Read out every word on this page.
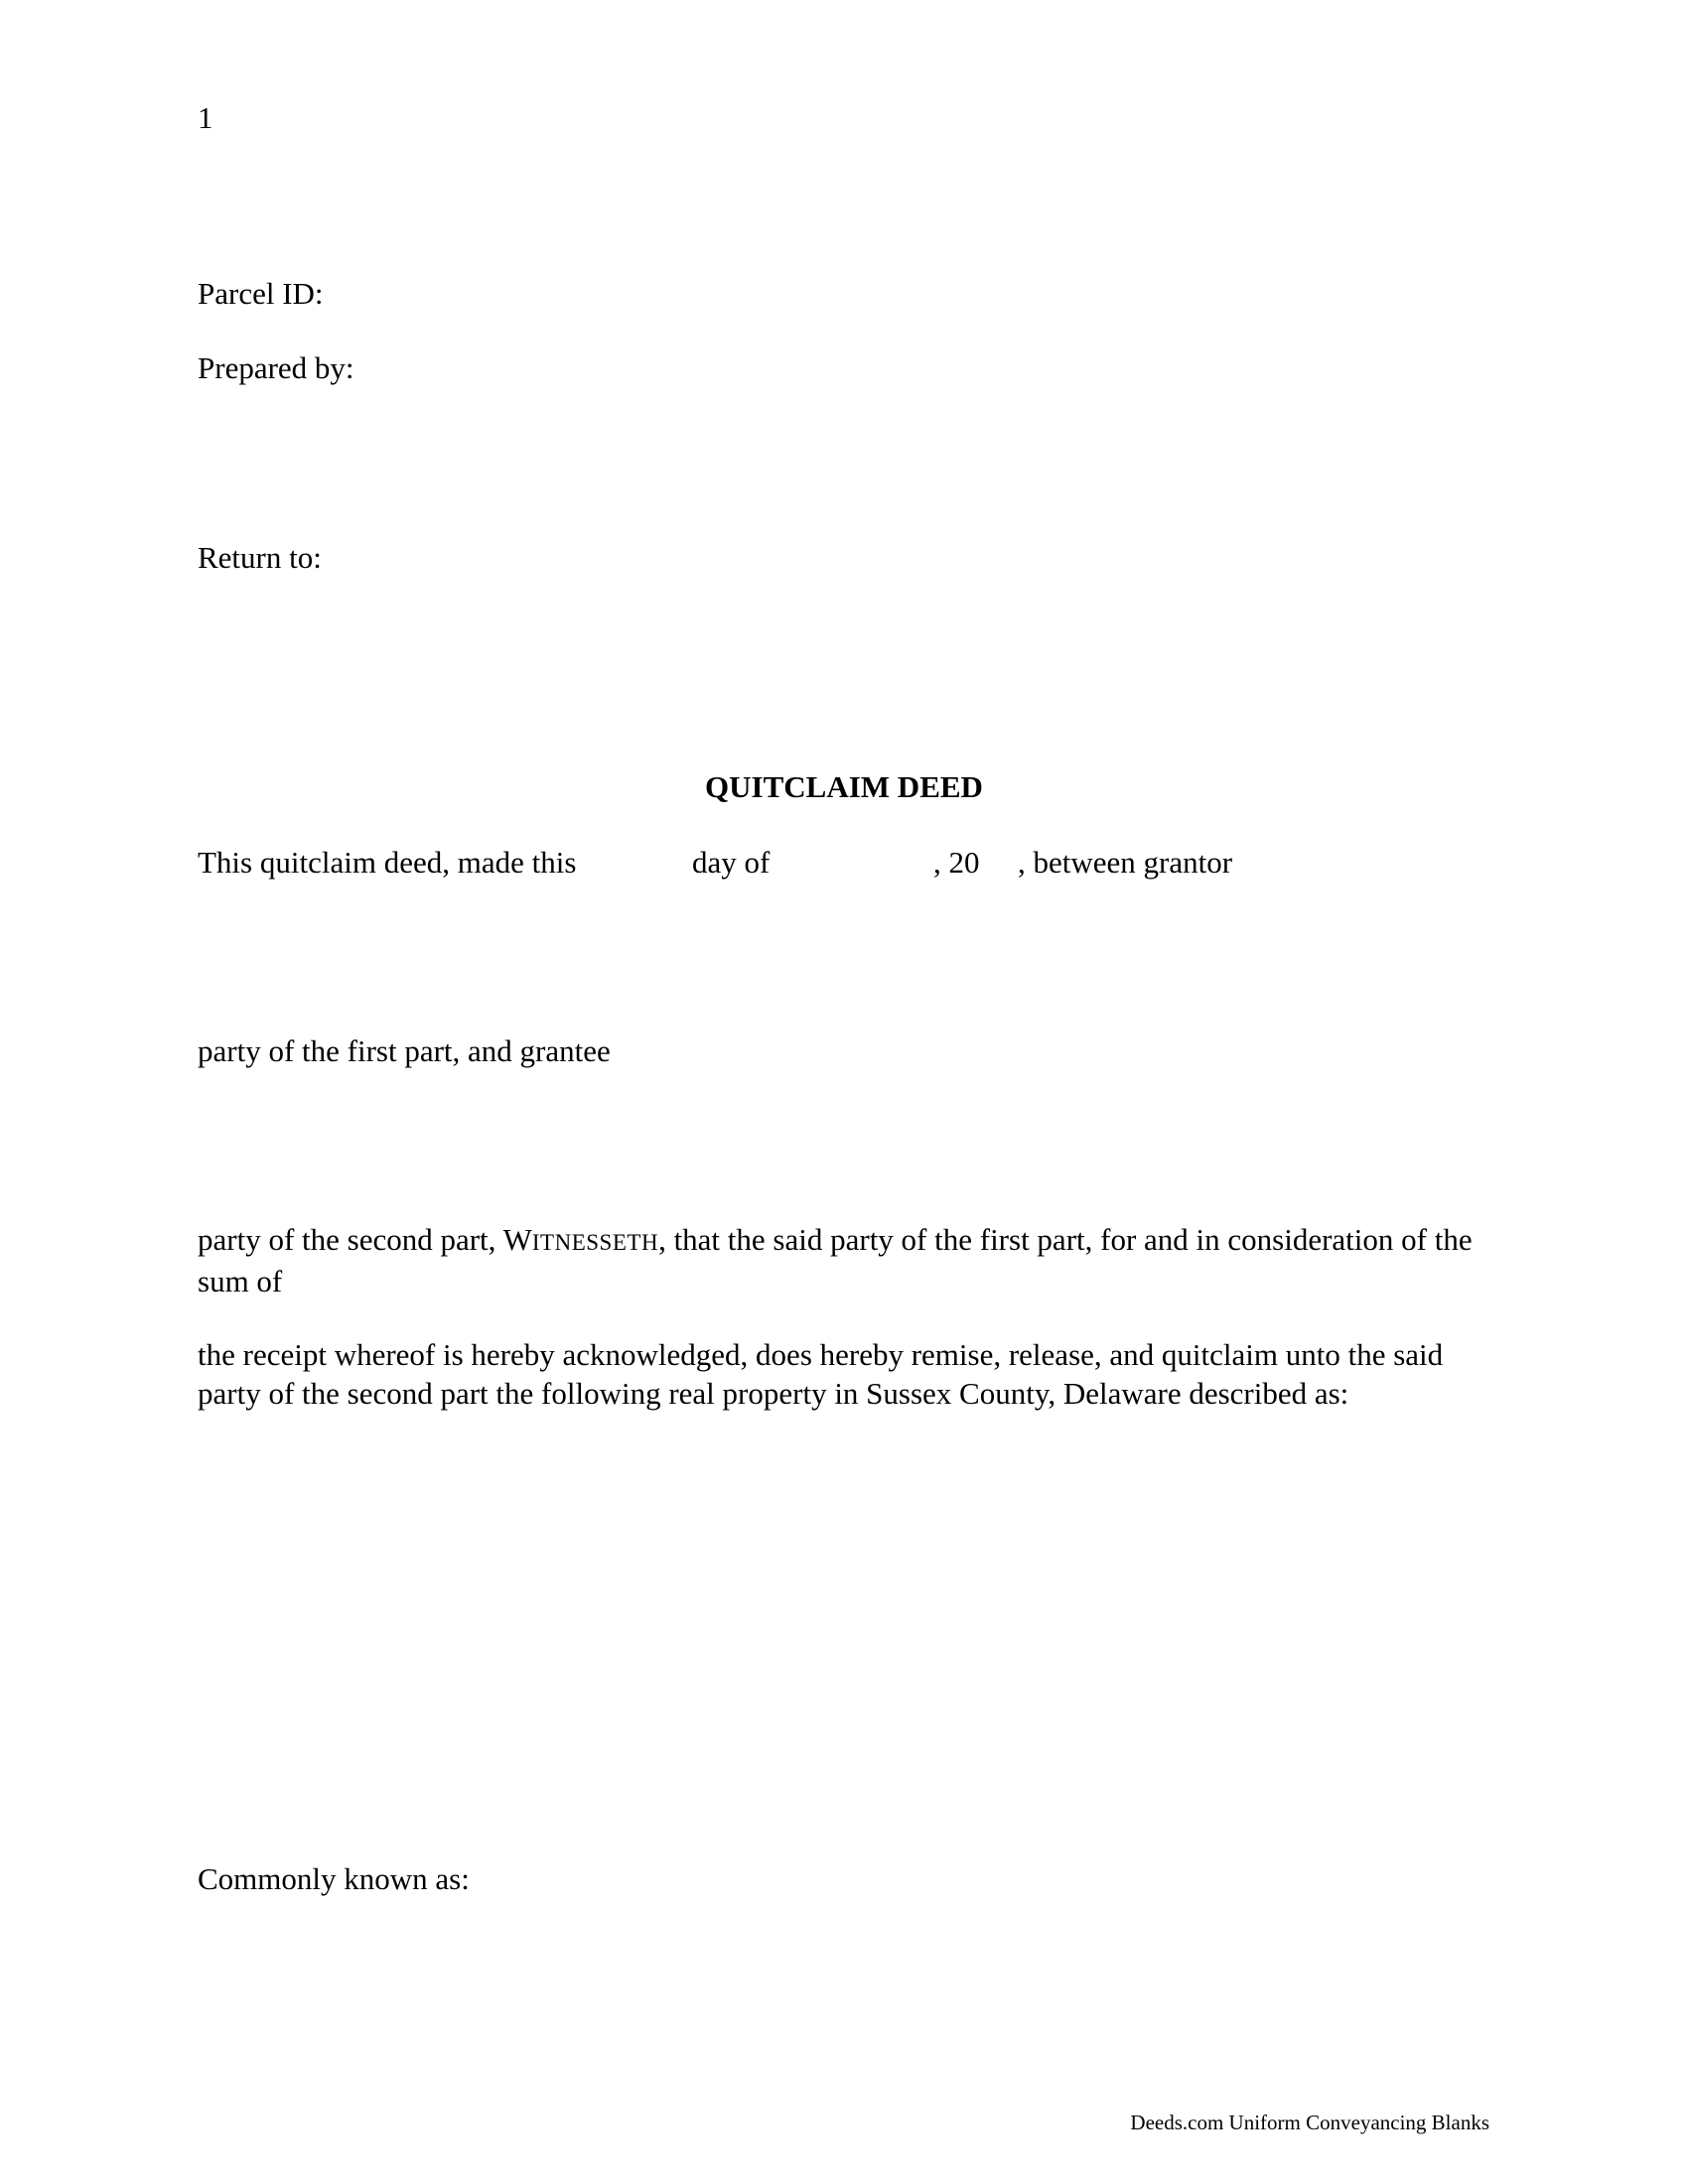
1

Parcel ID:

Prepared by:

Return to:

QUITCLAIM DEED
This quitclaim deed, made this	day of	, 20 , between grantor

party of the first part, and grantee

party of the second part, WITNESSETH, that the said party of the first part, for and in consideration of the sum of

the receipt whereof is hereby acknowledged, does hereby remise, release, and quitclaim unto the said party of the second part the following real property in Sussex County, Delaware described as:

Commonly known as:

Deeds.com Uniform Conveyancing Blanks
